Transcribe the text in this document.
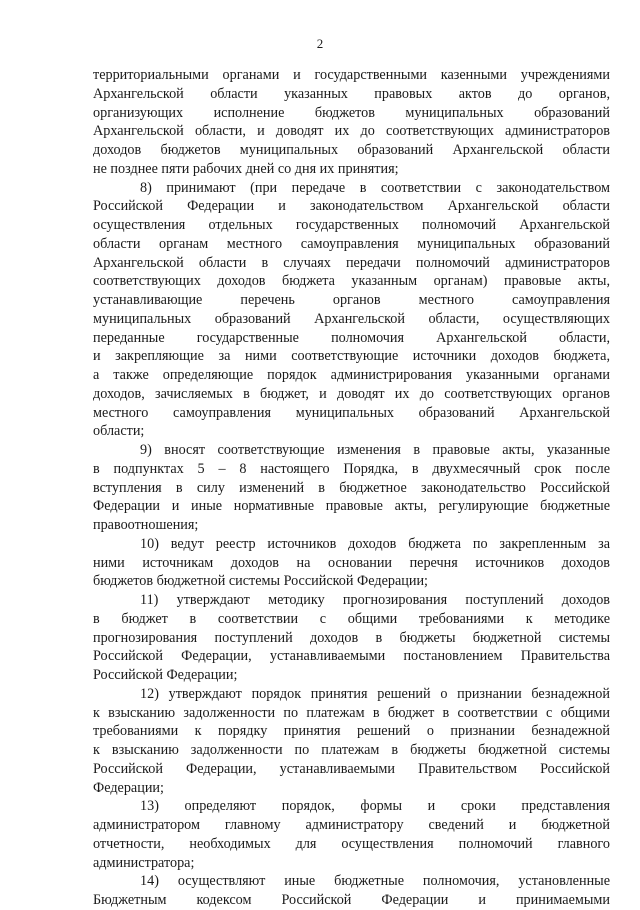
2
территориальными органами и государственными казенными учреждениями
Архангельской области указанных правовых актов до органов,
организующих исполнение бюджетов муниципальных образований
Архангельской области, и доводят их до соответствующих администраторов
доходов бюджетов муниципальных образований Архангельской области
не позднее пяти рабочих дней со дня их принятия;
8) принимают (при передаче в соответствии с законодательством
Российской Федерации и законодательством Архангельской области
осуществления отдельных государственных полномочий Архангельской
области органам местного самоуправления муниципальных образований
Архангельской области в случаях передачи полномочий администраторов
соответствующих доходов бюджета указанным органам) правовые акты,
устанавливающие перечень органов местного самоуправления
муниципальных образований Архангельской области, осуществляющих
переданные государственные полномочия Архангельской области,
и закрепляющие за ними соответствующие источники доходов бюджета,
а также определяющие порядок администрирования указанными органами
доходов, зачисляемых в бюджет, и доводят их до соответствующих органов
местного самоуправления муниципальных образований Архангельской
области;
9) вносят соответствующие изменения в правовые акты, указанные
в подпунктах 5 – 8 настоящего Порядка, в двухмесячный срок после
вступления в силу изменений в бюджетное законодательство Российской
Федерации и иные нормативные правовые акты, регулирующие бюджетные
правоотношения;
10) ведут реестр источников доходов бюджета по закрепленным за
ними источникам доходов на основании перечня источников доходов
бюджетов бюджетной системы Российской Федерации;
11) утверждают методику прогнозирования поступлений доходов
в бюджет в соответствии с общими требованиями к методике
прогнозирования поступлений доходов в бюджеты бюджетной системы
Российской Федерации, устанавливаемыми постановлением Правительства
Российской Федерации;
12) утверждают порядок принятия решений о признании безнадежной
к взысканию задолженности по платежам в бюджет в соответствии с общими
требованиями к порядку принятия решений о признании безнадежной
к взысканию задолженности по платежам в бюджеты бюджетной системы
Российской Федерации, устанавливаемыми Правительством Российской
Федерации;
13) определяют порядок, формы и сроки представления
администратором главному администратору сведений и бюджетной
отчетности, необходимых для осуществления полномочий главного
администратора;
14) осуществляют иные бюджетные полномочия, установленные
Бюджетным кодексом Российской Федерации и принимаемыми
